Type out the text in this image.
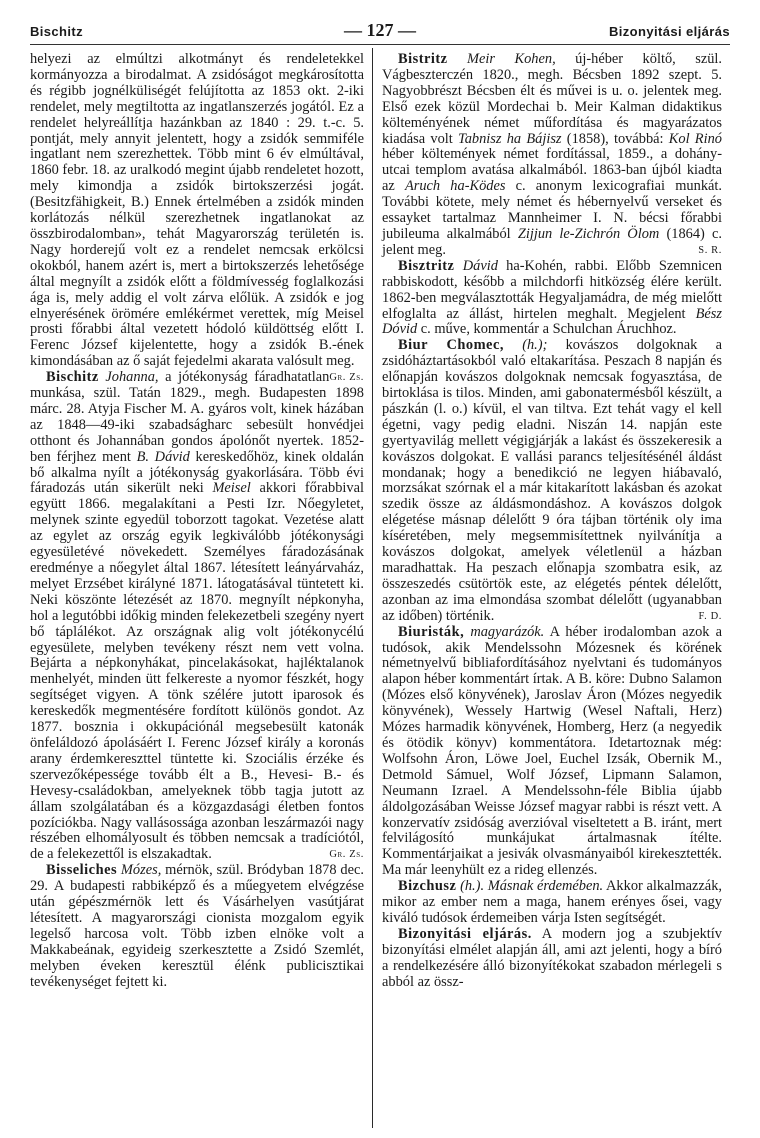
Bischitz	— 127 —	Bizonyitási eljárás

helyezi az elmúltzi alkotmányt és rendeletekkel kormányozza a birodalmat. A zsidóságot megkárosította és régibb jognélküliségét felújította az 1853 okt. 2-iki rendelet, mely megtiltotta az ingatlanszerzés jogától. Ez a rendelet helyreállítja hazánkban az 1840 : 29. t.-c. 5. pontját, mely annyit jelentett, hogy a zsidók semmiféle ingatlant nem szerezhettek. Több mint 6 év elmúltával, 1860 febr. 18. az uralkodó megint újabb rendeletet hozott, mely kimondja a zsidók birtokszerzési jogát. (Besitzfähigkeit, B.) Ennek értelmében a zsidók minden korlátozás nélkül szerezhetnek ingatlanokat az összbirodalomban», tehát Magyarország területén is. Nagy horderejű volt ez a rendelet nemcsak erkölcsi okokból, hanem azért is, mert a birtokszerzés lehetősége által megnyílt a zsidók előtt a földmívesség foglalkozási ága is, mely addig el volt zárva előlük. A zsidók e jog elnyerésének örömére emlékérmet verettek, míg Meisel prosti főrabbi által vezetett hódoló küldöttség előtt I. Ferenc József kijelentette, hogy a zsidók B.-ének kimondásában az ő saját fejedelmi akarata valósult meg.
Gr. Zs.

Bischitz Johanna, a jótékonyság fáradhatatlan munkása, szül. Tatán 1829., megh. Budapesten 1898 márc. 28. Atyja Fischer M. A. gyáros volt, kinek házában az 1848—49-iki szabadságharc sebesült honvédjei otthont és Johannában gondos ápolónőt nyertek. 1852-ben férjhez ment B. Dávid kereskedőhöz, kinek oldalán bő alkalma nyílt a jótékonyság gyakorlására. Több évi fáradozás után sikerült neki Meisel akkori főrabbival együtt 1866. megalakítani a Pesti Izr. Nőegyletet, melynek szinte egyedül toborzott tagokat. Vezetése alatt az egylet az ország egyik legkiválóbb jótékonysági egyesületévé növekedett. Személyes fáradozásának eredménye a nőegylet által 1867. létesített leányárvaház, melyet Erzsébet királyné 1871. látogatásával tüntetett ki. Neki köszönte létezését az 1870. megnyílt népkonyha, hol a legutóbbi időkig minden felekezetbeli szegény nyert bő táplálékot. Az országnak alig volt jótékonycélú egyesülete, melyben tevékeny részt nem vett volna. Bejárta a népkonyhákat, pincelakásokat, hajléktalanok menhelyét, minden ütt felkereste a nyomor fészkét, hogy segítséget vigyen. A tönk szélére jutott iparosok és kereskedők megmentésére fordított különös gondot. Az 1877. bosznia i okkupációnál megsebesült katonák önfeláldozó ápolásáért I. Ferenc József király a koronás arany érdemkereszttel tüntette ki. Szociális érzéke és szervezőképessége tovább élt a B., Hevesi- B.- és Hevesy-családokban, amelyeknek több tagja jutott az állam szolgálatában és a közgazdasági életben fontos pozíciókba. Nagy vallásossága azonban leszármazói nagy részében elhomályosult és többen nemcsak a tradíciótól, de a felekezettől is elszakadtak.	Gr. Zs.

Bisseliches Mózes, mérnök, szül. Bródyban 1878 dec. 29. A budapesti rabbiképző és a műegyetem elvégzése után gépészmérnök lett és Vásárhelyen vasútjárat létesített. A magyarországi cionista mozgalom egyik legelső harcosa volt. Több izben elnöke volt a Makkabeának, egyideig szerkesztette a Zsidó Szemlét, melyben éveken keresztül élénk publicisztikai tevékenységet fejtett ki.

Bistritz Meir Kohen, új-héber költő, szül. Vágbeszterczén 1820., megh. Bécsben 1892 szept. 5. Nagyobbrészt Bécsben élt és művei is u. o. jelentek meg. Első ezek közül Mordechai b. Meir Kalman didaktikus költeményének német műfordítása és magyarázatos kiadása volt Tabnisz ha Bájisz (1858), továbbá: Kol Rinó héber költemények német fordítással, 1859., a dohány-utcai templom avatása alkalmából. 1863-ban újból kiadta az Aruch ha-Ködes c. anonym lexicografiai munkát. További kötete, mely német és hébernyelvű verseket és essayket tartalmaz Mannheimer I. N. bécsi főrabbi jubileuma alkalmából Zijjun le-Zichrón Ölom (1864) c. jelent meg.	S. R.

Bisztritz Dávid ha-Kohén, rabbi. Előbb Szemnicen rabbiskodott, később a milchdorfi hitközség élére került. 1862-ben megválasztották Hegyaljamádra, de még mielőtt elfoglalta az állást, hirtelen meghalt. Megjelent Bész Dóvid c. műve, kommentár a Schulchan Áruchhoz.

Biur Chomec, (h.); kovászos dolgoknak a zsidóháztartásokból való eltakarítása. Peszach 8 napján és előnapján kovászos dolgoknak nemcsak fogyasztása, de birtoklása is tilos. Minden, ami gabonatermésből készült, a pászkán (l. o.) kívül, el van tiltva. Ezt tehát vagy el kell égetni, vagy pedig eladni. Niszán 14. napján este gyertyavilág mellett végigjárják a lakást és összekeresik a kovászos dolgokat. E vallási parancs teljesítésénél áldást mondanak; hogy a benedikció ne legyen hiábavaló, morzsákat szórnak el a már kitakarított lakásban és azokat szedik össze az áldásmondáshoz. A kovászos dolgok elégetése másnap délelőtt 9 óra tájban történik oly ima kíséretében, mely megsemmisítettnek nyilvánítja a kovászos dolgokat, amelyek véletlenül a házban maradhattak. Ha peszach előnapja szombatra esik, az összeszedés csütörtök este, az elégetés péntek délelőtt, azonban az ima elmondása szombat délelőtt (ugyanabban az időben) történik.	F. D.

Biuristák, magyarázók. A héber irodalomban azok a tudósok, akik Mendelssohn Mózesnek és körének németnyelvű bibliafordításához nyelvtani és tudományos alapon héber kommentárt írtak. A B. köre: Dubno Salamon (Mózes első könyvének), Jaroslav Áron (Mózes negyedik könyvének), Wessely Hartwig (Wesel Naftali, Herz) Mózes harmadik könyvének, Homberg, Herz (a negyedik és ötödik könyv) kommentátora. Idetartoznak még: Wolfsohn Áron, Löwe Joel, Euchel Izsák, Obernik M., Detmold Sámuel, Wolf József, Lipmann Salamon, Neumann Izrael. A Mendelssohn-féle Biblia újabb áldolgozásában Weisse József magyar rabbi is részt vett. A konzervatív zsidóság averzióval viseltetett a B. iránt, mert felvilágosító munkájukat ártalmasnak ítélte. Kommentárjaikat a jesivák olvasmányaiból kirekesztették. Ma már leenyhült ez a rideg ellenzés.

Bizchusz (h.). Másnak érdemében. Akkor alkalmazzák, mikor az ember nem a maga, hanem erényes ősei, vagy kiváló tudósok érdemeiben várja Isten segítségét.

Bizonyitási eljárás. A modern jog a szubjektív bizonyítási elmélet alapján áll, ami azt jelenti, hogy a bíró a rendelkezésére álló bizonyítékokat szabadon mérlegeli s abból az össz-
